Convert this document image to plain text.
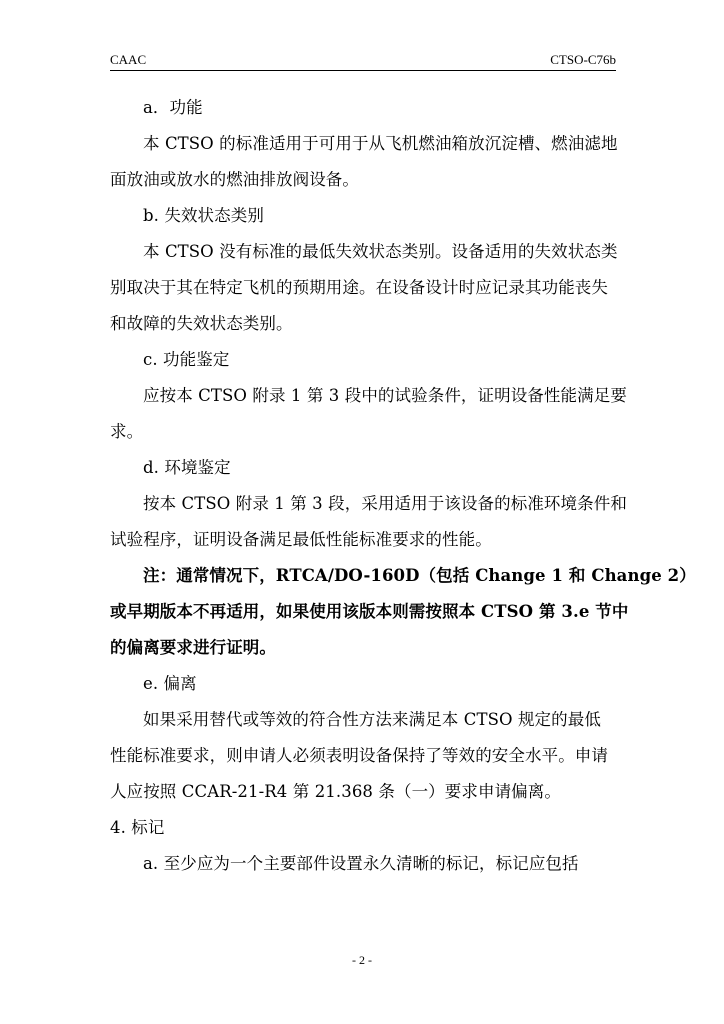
CAAC	CTSO-C76b

a．功能

本 CTSO 的标准适用于可用于从飞机燃油箱放沉淀槽、燃油滤地

面放油或放水的燃油排放阀设备。

b. 失效状态类别

本 CTSO 没有标准的最低失效状态类别。设备适用的失效状态类

别取决于其在特定飞机的预期用途。在设备设计时应记录其功能丧失

和故障的失效状态类别。

c. 功能鉴定

应按本 CTSO 附录 1 第 3 段中的试验条件，证明设备性能满足要

求。

d. 环境鉴定

按本 CTSO 附录 1 第 3 段，采用适用于该设备的标准环境条件和

试验程序，证明设备满足最低性能标准要求的性能。

注：通常情况下，RTCA/DO-160D（包括 Change 1 和 Change 2）

或早期版本不再适用，如果使用该版本则需按照本 CTSO 第 3.e 节中

的偏离要求进行证明。

e. 偏离

如果采用替代或等效的符合性方法来满足本 CTSO 规定的最低

性能标准要求，则申请人必须表明设备保持了等效的安全水平。申请

人应按照 CCAR-21-R4 第 21.368 条（一）要求申请偏离。

4. 标记

a. 至少应为一个主要部件设置永久清晰的标记，标记应包括

- 2 -
